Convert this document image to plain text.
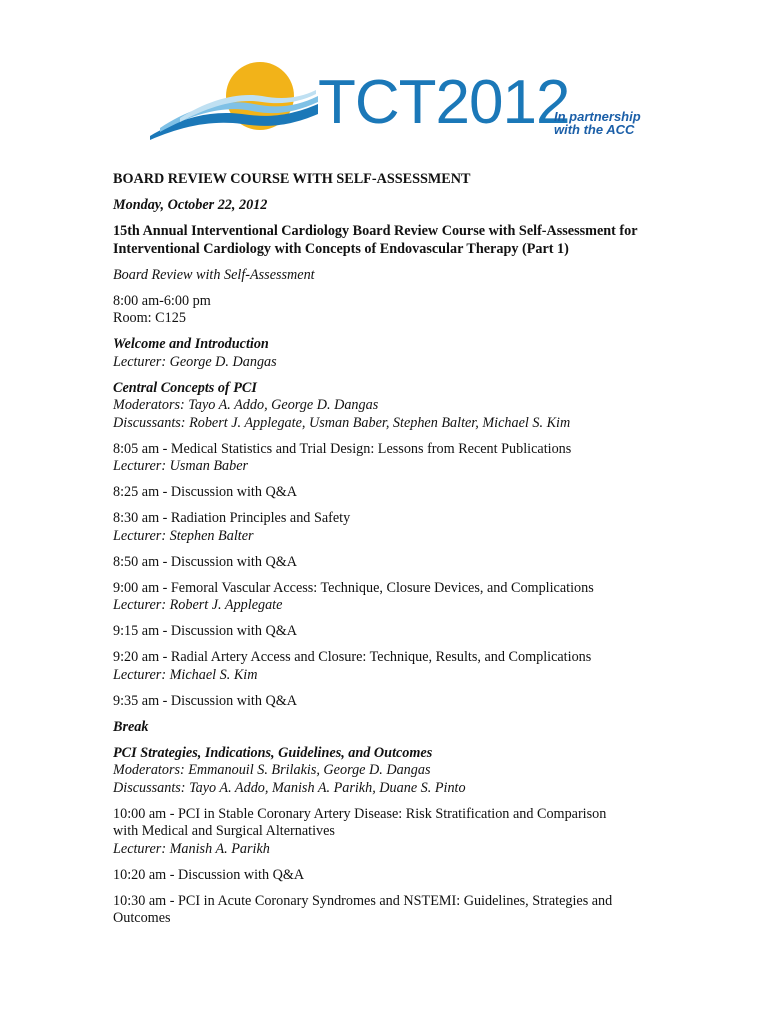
TCT2012
In partnership
with the ACC
BOARD REVIEW COURSE WITH SELF-ASSESSMENT
Monday, October 22, 2012
15th Annual Interventional Cardiology Board Review Course with Self-Assessment for Interventional Cardiology with Concepts of Endovascular Therapy (Part 1)
Board Review with Self-Assessment
8:00 am-6:00 pm
Room: C125
Welcome and Introduction
Lecturer: George D. Dangas
Central Concepts of PCI
Moderators: Tayo A. Addo, George D. Dangas
Discussants: Robert J. Applegate, Usman Baber, Stephen Balter, Michael S. Kim
8:05 am - Medical Statistics and Trial Design: Lessons from Recent Publications
Lecturer: Usman Baber
8:25 am - Discussion with Q&A
8:30 am - Radiation Principles and Safety
Lecturer: Stephen Balter
8:50 am - Discussion with Q&A
9:00 am - Femoral Vascular Access: Technique, Closure Devices, and Complications
Lecturer: Robert J. Applegate
9:15 am - Discussion with Q&A
9:20 am - Radial Artery Access and Closure: Technique, Results, and Complications
Lecturer: Michael S. Kim
9:35 am - Discussion with Q&A
Break
PCI Strategies, Indications, Guidelines, and Outcomes
Moderators: Emmanouil S. Brilakis, George D. Dangas
Discussants: Tayo A. Addo, Manish A. Parikh, Duane S. Pinto
10:00 am - PCI in Stable Coronary Artery Disease: Risk Stratification and Comparison
with Medical and Surgical Alternatives
Lecturer: Manish A. Parikh
10:20 am - Discussion with Q&A
10:30 am - PCI in Acute Coronary Syndromes and NSTEMI: Guidelines, Strategies and
Outcomes
